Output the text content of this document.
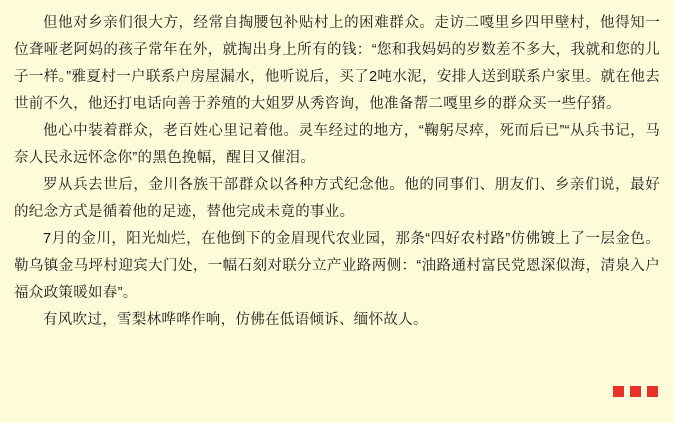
但他对乡亲们很大方，经常自掏腰包补贴村上的困难群众。走访二嘎里乡四甲壁村，他得知一位聋哑老阿妈的孩子常年在外，就掏出身上所有的钱：“您和我妈妈的岁数差不多大，我就和您的儿子一样。”雅夏村一户联系户房屋漏水，他听说后，买了2吨水泥，安排人送到联系户家里。就在他去世前不久，他还打电话向善于养殖的大姐罗从秀咨询，他准备帮二嘎里乡的群众买一些仔猪。

他心中装着群众，老百姓心里记着他。灵车经过的地方，“鞠躬尽瘁，死而后已”“从兵书记，马奈人民永远怀念你”的黑色挽幅，醒目又催泪。

罗从兵去世后，金川各族干部群众以各种方式纪念他。他的同事们、朋友们、乡亲们说，最好的纪念方式是循着他的足迹，替他完成未竟的事业。

7月的金川，阳光灿烂，在他倒下的金眉现代农业园，那条“四好农村路”仿佛镀上了一层金色。勒乌镇金马坪村迎宾大门处，一幅石刻对联分立产业路两侧：“油路通村富民党恩深似海，清泉入户福众政策暖如春”。

有风吹过，雪梨林哗哗作响，仿佛在低语倾诉、缅怀故人。
